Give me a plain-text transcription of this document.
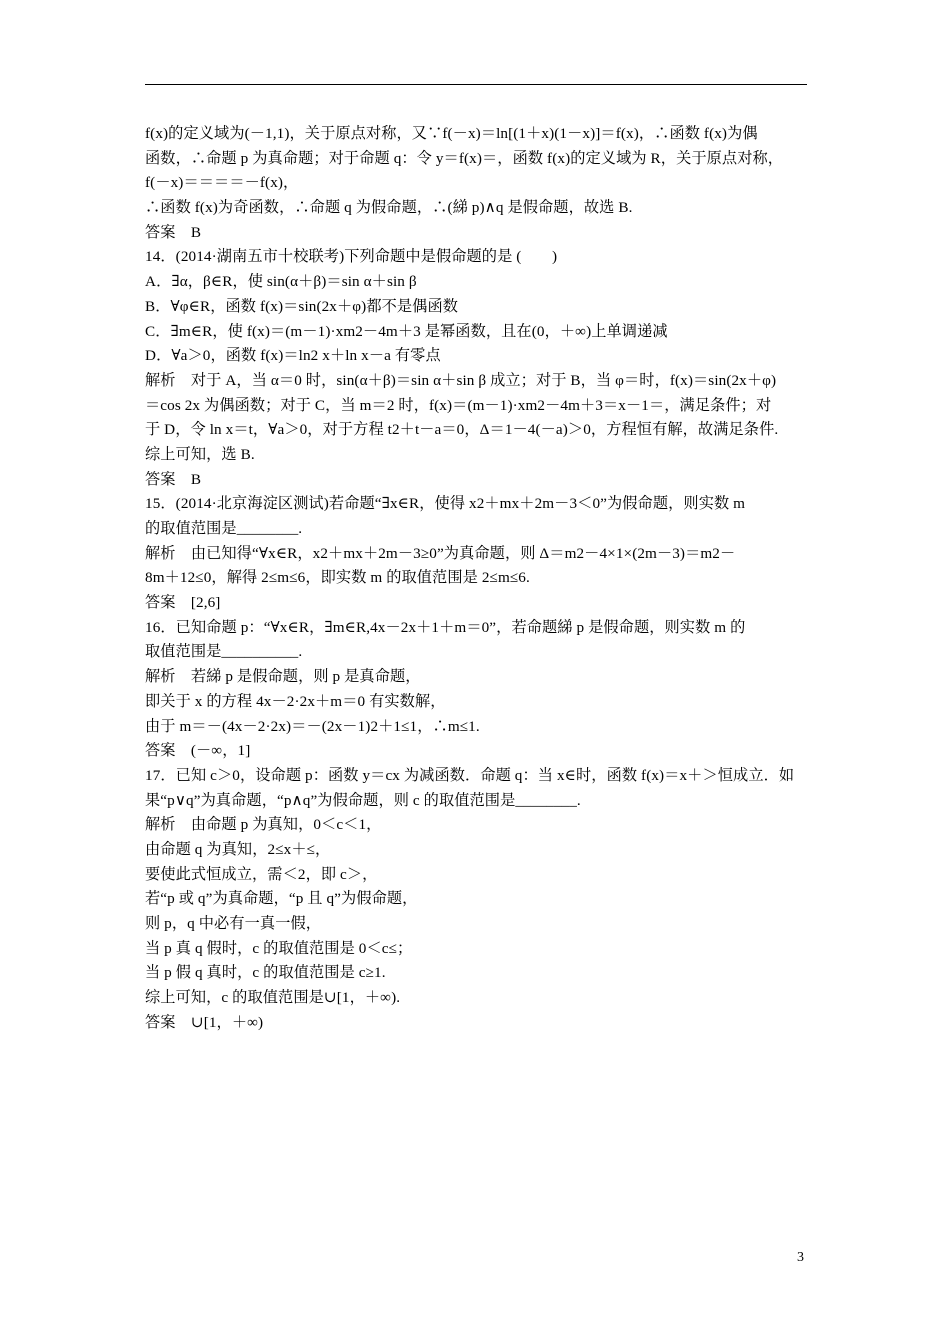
f(x)的定义域为(－1,1)，关于原点对称，又∵f(－x)＝ln[(1＋x)(1－x)]＝f(x)，∴函数 f(x)为偶
函数，∴命题 p 为真命题；对于命题 q：令 y＝f(x)＝，函数 f(x)的定义域为 R，关于原点对称，
f(－x)＝＝＝＝－f(x)，
∴函数 f(x)为奇函数，∴命题 q 为假命题，∴(綈 p)∧q 是假命题，故选 B.
答案　B
14．(2014·湖南五市十校联考)下列命题中是假命题的是 (　　)
A．∃α，β∈R，使 sin(α＋β)＝sin α＋sin β
B．∀φ∈R，函数 f(x)＝sin(2x＋φ)都不是偶函数
C．∃m∈R，使 f(x)＝(m－1)·xm2－4m＋3 是幂函数，且在(0，＋∞)上单调递减
D．∀a＞0，函数 f(x)＝ln2 x＋ln x－a 有零点
解析　对于 A，当 α＝0 时，sin(α＋β)＝sin α＋sin β 成立；对于 B，当 φ＝时，f(x)＝sin(2x＋φ)
＝cos 2x 为偶函数；对于 C，当 m＝2 时，f(x)＝(m－1)·xm2－4m＋3＝x－1＝，满足条件；对
于 D，令 ln x＝t，∀a＞0，对于方程 t2＋t－a＝0，Δ＝1－4(－a)＞0，方程恒有解，故满足条件.
综上可知，选 B.
答案　B
15．(2014·北京海淀区测试)若命题“∃x∈R，使得 x2＋mx＋2m－3＜0”为假命题，则实数 m
的取值范围是________.
解析　由已知得“∀x∈R，x2＋mx＋2m－3≥0”为真命题，则 Δ＝m2－4×1×(2m－3)＝m2－
8m＋12≤0，解得 2≤m≤6，即实数 m 的取值范围是 2≤m≤6.
答案　[2,6]
16．已知命题 p：“∀x∈R，∃m∈R,4x－2x＋1＋m＝0”，若命题綈 p 是假命题，则实数 m 的
取值范围是__________.
解析　若綈 p 是假命题，则 p 是真命题，
即关于 x 的方程 4x－2·2x＋m＝0 有实数解，
由于 m＝－(4x－2·2x)＝－(2x－1)2＋1≤1，∴m≤1.
答案　(－∞，1]
17．已知 c＞0，设命题 p：函数 y＝cx 为减函数．命题 q：当 x∈时，函数 f(x)＝x＋＞恒成立．如
果“p∨q”为真命题，“p∧q”为假命题，则 c 的取值范围是________.
解析　由命题 p 为真知，0＜c＜1，
由命题 q 为真知，2≤x＋≤，
要使此式恒成立，需＜2，即 c＞，
若“p 或 q”为真命题，“p 且 q”为假命题，
则 p，q 中必有一真一假，
当 p 真 q 假时，c 的取值范围是 0＜c≤；
当 p 假 q 真时，c 的取值范围是 c≥1.
综上可知，c 的取值范围是∪[1，＋∞).
答案　∪[1，＋∞)
3
